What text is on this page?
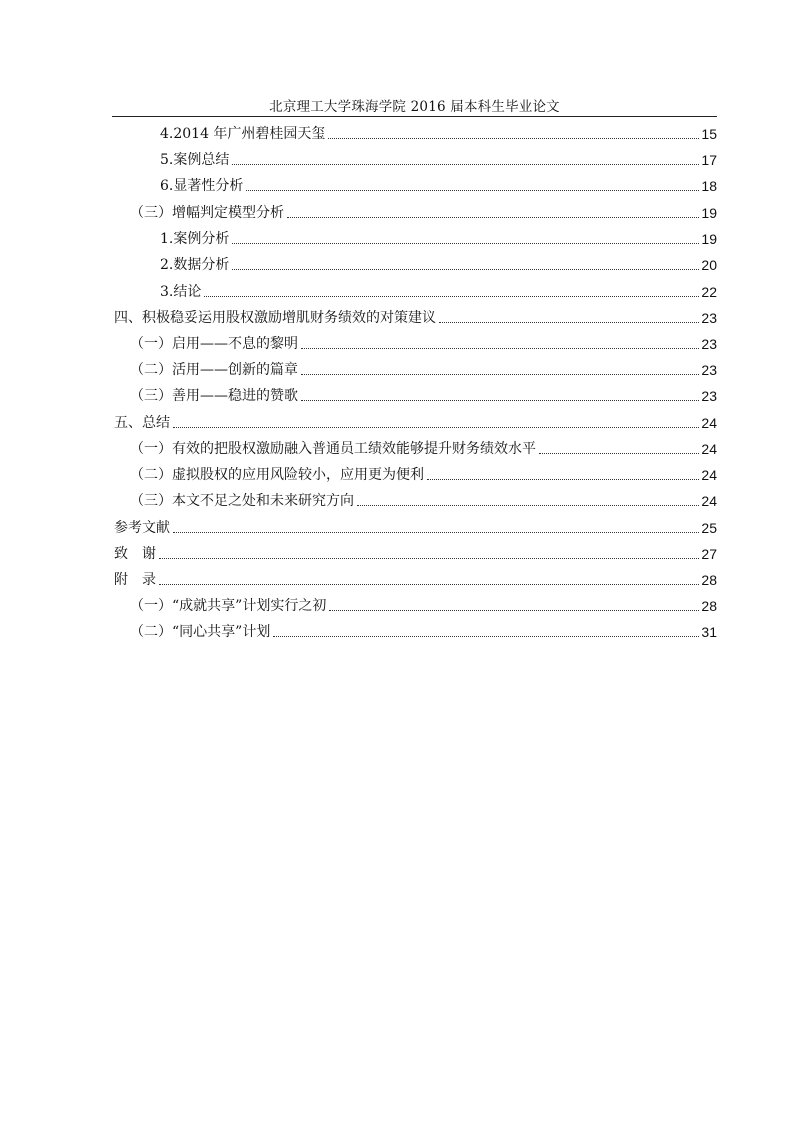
北京理工大学珠海学院 2016 届本科生毕业论文
4.2014 年广州碧桂园天玺	15
5.案例总结	17
6.显著性分析	18
（三）增幅判定模型分析	19
1.案例分析	19
2.数据分析	20
3.结论	22
四、积极稳妥运用股权激励增肌财务绩效的对策建议	23
（一）启用——不息的黎明	23
（二）活用——创新的篇章	23
（三）善用——稳进的赞歌	23
五、总结	24
（一）有效的把股权激励融入普通员工绩效能够提升财务绩效水平	24
（二）虚拟股权的应用风险较小，应用更为便利	24
（三）本文不足之处和未来研究方向	24
参考文献	25
致　谢	27
附　录	28
（一）“成就共享”计划实行之初	28
（二）“同心共享”计划	31
